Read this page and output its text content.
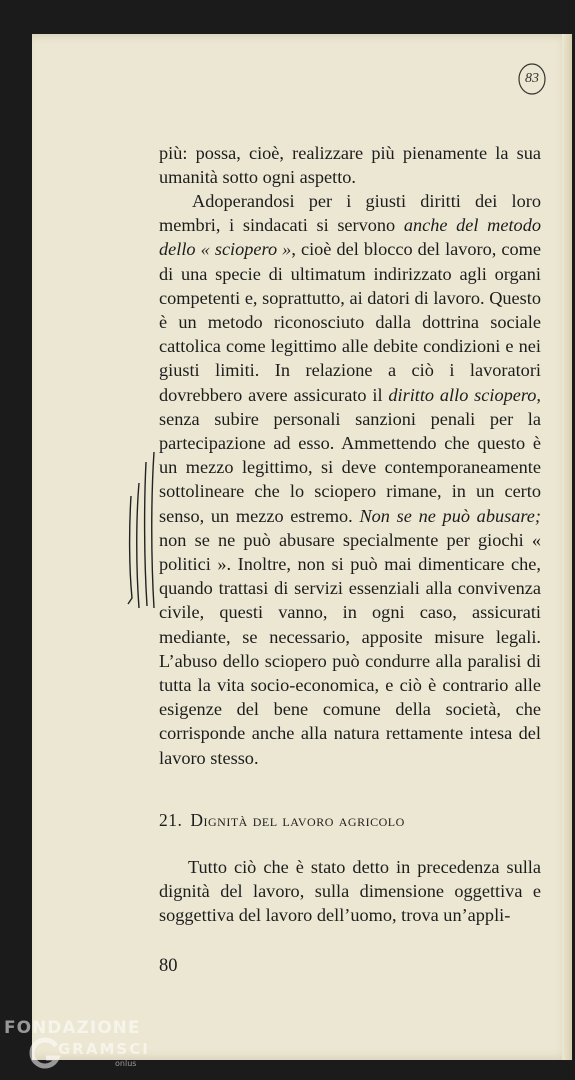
83
più: possa, cioè, realizzare più pienamente la sua umanità sotto ogni aspetto.
Adoperandosi per i giusti diritti dei loro membri, i sindacati si servono anche del metodo dello « sciopero », cioè del blocco del lavoro, come di una specie di ultimatum indirizzato agli organi competenti e, soprattutto, ai datori di lavoro. Questo è un metodo riconosciuto dalla dottrina sociale cattolica come legittimo alle debite condizioni e nei giusti limiti. In relazione a ciò i lavoratori dovrebbero avere assicurato il diritto allo sciopero, senza subire personali sanzioni penali per la partecipazione ad esso. Ammettendo che questo è un mezzo legittimo, si deve contemporaneamente sottolineare che lo sciopero rimane, in un certo senso, un mezzo estremo. Non se ne può abusare; non se ne può abusare specialmente per giochi « politici ». Inoltre, non si può mai dimenticare che, quando trattasi di servizi essenziali alla convivenza civile, questi vanno, in ogni caso, assicurati mediante, se necessario, apposite misure legali. L’abuso dello sciopero può condurre alla paralisi di tutta la vita socio-economica, e ciò è contrario alle esigenze del bene comune della società, che corrisponde anche alla natura rettamente intesa del lavoro stesso.
21. Dignità del lavoro agricolo
Tutto ciò che è stato detto in precedenza sulla dignità del lavoro, sulla dimensione oggettiva e soggettiva del lavoro dell’uomo, trova un’appli-
80
FONDAZIONE
GRAMSCI
onlus
